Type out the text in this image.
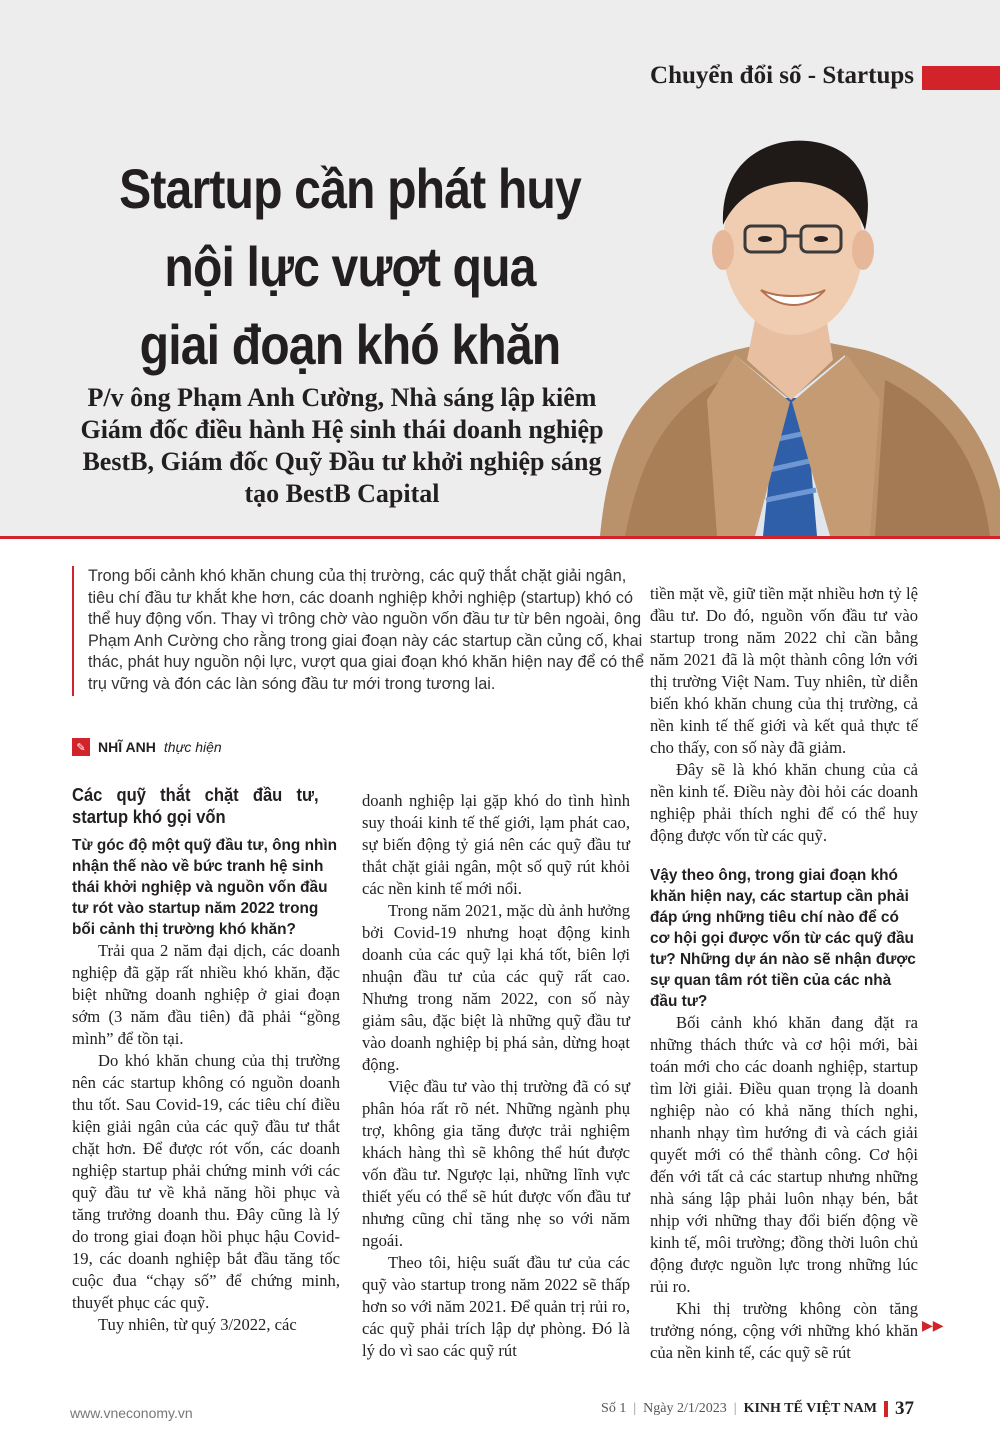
Chuyển đổi số - Startups
Startup cần phát huy
nội lực vượt qua
giai đoạn khó khăn
P/v ông Phạm Anh Cường, Nhà sáng lập kiêm Giám đốc điều hành Hệ sinh thái doanh nghiệp BestB, Giám đốc Quỹ Đầu tư khởi nghiệp sáng tạo BestB Capital
Trong bối cảnh khó khăn chung của thị trường, các quỹ thắt chặt giải ngân, tiêu chí đầu tư khắt khe hơn, các doanh nghiệp khởi nghiệp (startup) khó có thể huy động vốn. Thay vì trông chờ vào nguồn vốn đầu tư từ bên ngoài, ông Phạm Anh Cường cho rằng trong giai đoạn này các startup cần củng cố, khai thác, phát huy nguồn nội lực, vượt qua giai đoạn khó khăn hiện nay để có thể trụ vững và đón các làn sóng đầu tư mới trong tương lai.
✎ NHĨ ANH thực hiện
Các quỹ thắt chặt đầu tư, startup khó gọi vốn

Từ góc độ một quỹ đầu tư, ông nhìn nhận thế nào về bức tranh hệ sinh thái khởi nghiệp và nguồn vốn đầu tư rót vào startup năm 2022 trong bối cảnh thị trường khó khăn?

Trải qua 2 năm đại dịch, các doanh nghiệp đã gặp rất nhiều khó khăn, đặc biệt những doanh nghiệp ở giai đoạn sớm (3 năm đầu tiên) đã phải “gồng mình” để tồn tại.

Do khó khăn chung của thị trường nên các startup không có nguồn doanh thu tốt. Sau Covid-19, các tiêu chí điều kiện giải ngân của các quỹ đầu tư thắt chặt hơn. Để được rót vốn, các doanh nghiệp startup phải chứng minh với các quỹ đầu tư về khả năng hồi phục và tăng trưởng doanh thu. Đây cũng là lý do trong giai đoạn hồi phục hậu Covid-19, các doanh nghiệp bắt đầu tăng tốc cuộc đua “chạy số” để chứng minh, thuyết phục các quỹ.

Tuy nhiên, từ quý 3/2022, các

doanh nghiệp lại gặp khó do tình hình suy thoái kinh tế thế giới, lạm phát cao, sự biến động tỷ giá nên các quỹ đầu tư thắt chặt giải ngân, một số quỹ rút khỏi các nền kinh tế mới nổi.

Trong năm 2021, mặc dù ảnh hưởng bởi Covid-19 nhưng hoạt động kinh doanh của các quỹ lại khá tốt, biên lợi nhuận đầu tư của các quỹ rất cao. Nhưng trong năm 2022, con số này giảm sâu, đặc biệt là những quỹ đầu tư vào doanh nghiệp bị phá sản, dừng hoạt động.

Việc đầu tư vào thị trường đã có sự phân hóa rất rõ nét. Những ngành phụ trợ, không gia tăng được trải nghiệm khách hàng thì sẽ không thể hút được vốn đầu tư. Ngược lại, những lĩnh vực thiết yếu có thể sẽ hút được vốn đầu tư nhưng cũng chỉ tăng nhẹ so với năm ngoái.

Theo tôi, hiệu suất đầu tư của các quỹ vào startup trong năm 2022 sẽ thấp hơn so với năm 2021. Để quản trị rủi ro, các quỹ phải trích lập dự phòng. Đó là lý do vì sao các quỹ rút

tiền mặt về, giữ tiền mặt nhiều hơn tỷ lệ đầu tư. Do đó, nguồn vốn đầu tư vào startup trong năm 2022 chỉ cần bằng năm 2021 đã là một thành công lớn với thị trường Việt Nam. Tuy nhiên, từ diễn biến khó khăn chung của thị trường, cả nền kinh tế thế giới và kết quả thực tế cho thấy, con số này đã giảm.

Đây sẽ là khó khăn chung của cả nền kinh tế. Điều này đòi hỏi các doanh nghiệp phải thích nghi để có thể huy động được vốn từ các quỹ.

Vậy theo ông, trong giai đoạn khó khăn hiện nay, các startup cần phải đáp ứng những tiêu chí nào để có cơ hội gọi được vốn từ các quỹ đầu tư? Những dự án nào sẽ nhận được sự quan tâm rót tiền của các nhà đầu tư?

Bối cảnh khó khăn đang đặt ra những thách thức và cơ hội mới, bài toán mới cho các doanh nghiệp, startup tìm lời giải. Điều quan trọng là doanh nghiệp nào có khả năng thích nghi, nhanh nhạy tìm hướng đi và cách giải quyết mới có thể thành công. Cơ hội đến với tất cả các startup nhưng những nhà sáng lập phải luôn nhạy bén, bắt nhịp với những thay đổi biến động về kinh tế, môi trường; đồng thời luôn chủ động được nguồn lực trong những lúc rủi ro.

Khi thị trường không còn tăng trưởng nóng, cộng với những khó khăn của nền kinh tế, các quỹ sẽ rút

▶▶
www.vneconomy.vn	Số 1 | Ngày 2/1/2023 | KINH TẾ VIỆT NAM 37
